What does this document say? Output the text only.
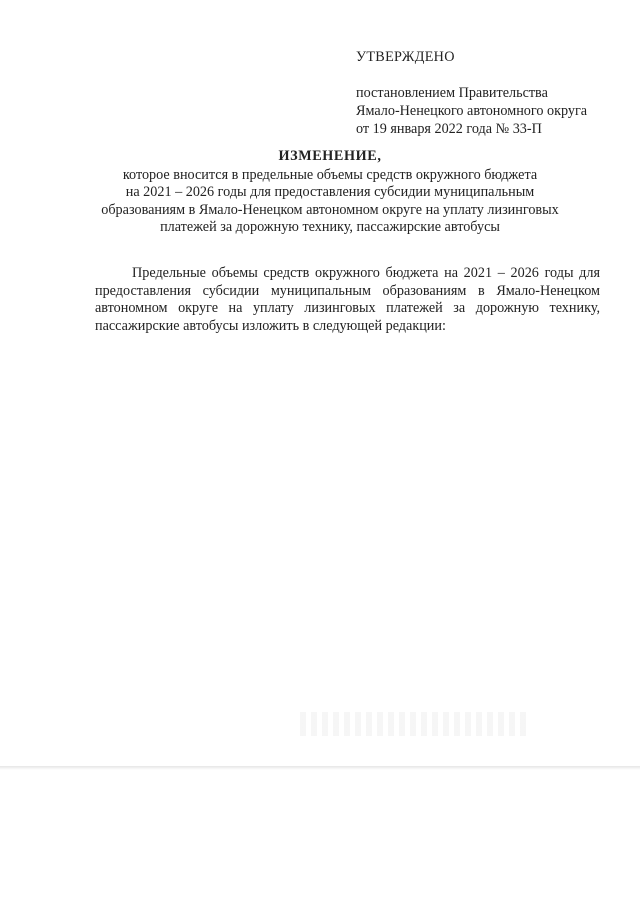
УТВЕРЖДЕНО
постановлением Правительства
Ямало-Ненецкого автономного округа
от 19 января 2022 года № 33-П
ИЗМЕНЕНИЕ,
которое вносится в предельные объемы средств окружного бюджета
на 2021 – 2026 годы для предоставления субсидии муниципальным
образованиям в Ямало-Ненецком автономном округе на уплату лизинговых
платежей за дорожную технику, пассажирские автобусы

Предельные объемы средств окружного бюджета на 2021 – 2026 годы для предоставления субсидии муниципальным образованиям в Ямало-Ненецком автономном округе на уплату лизинговых платежей за дорожную технику, пассажирские автобусы изложить в следующей редакции:
